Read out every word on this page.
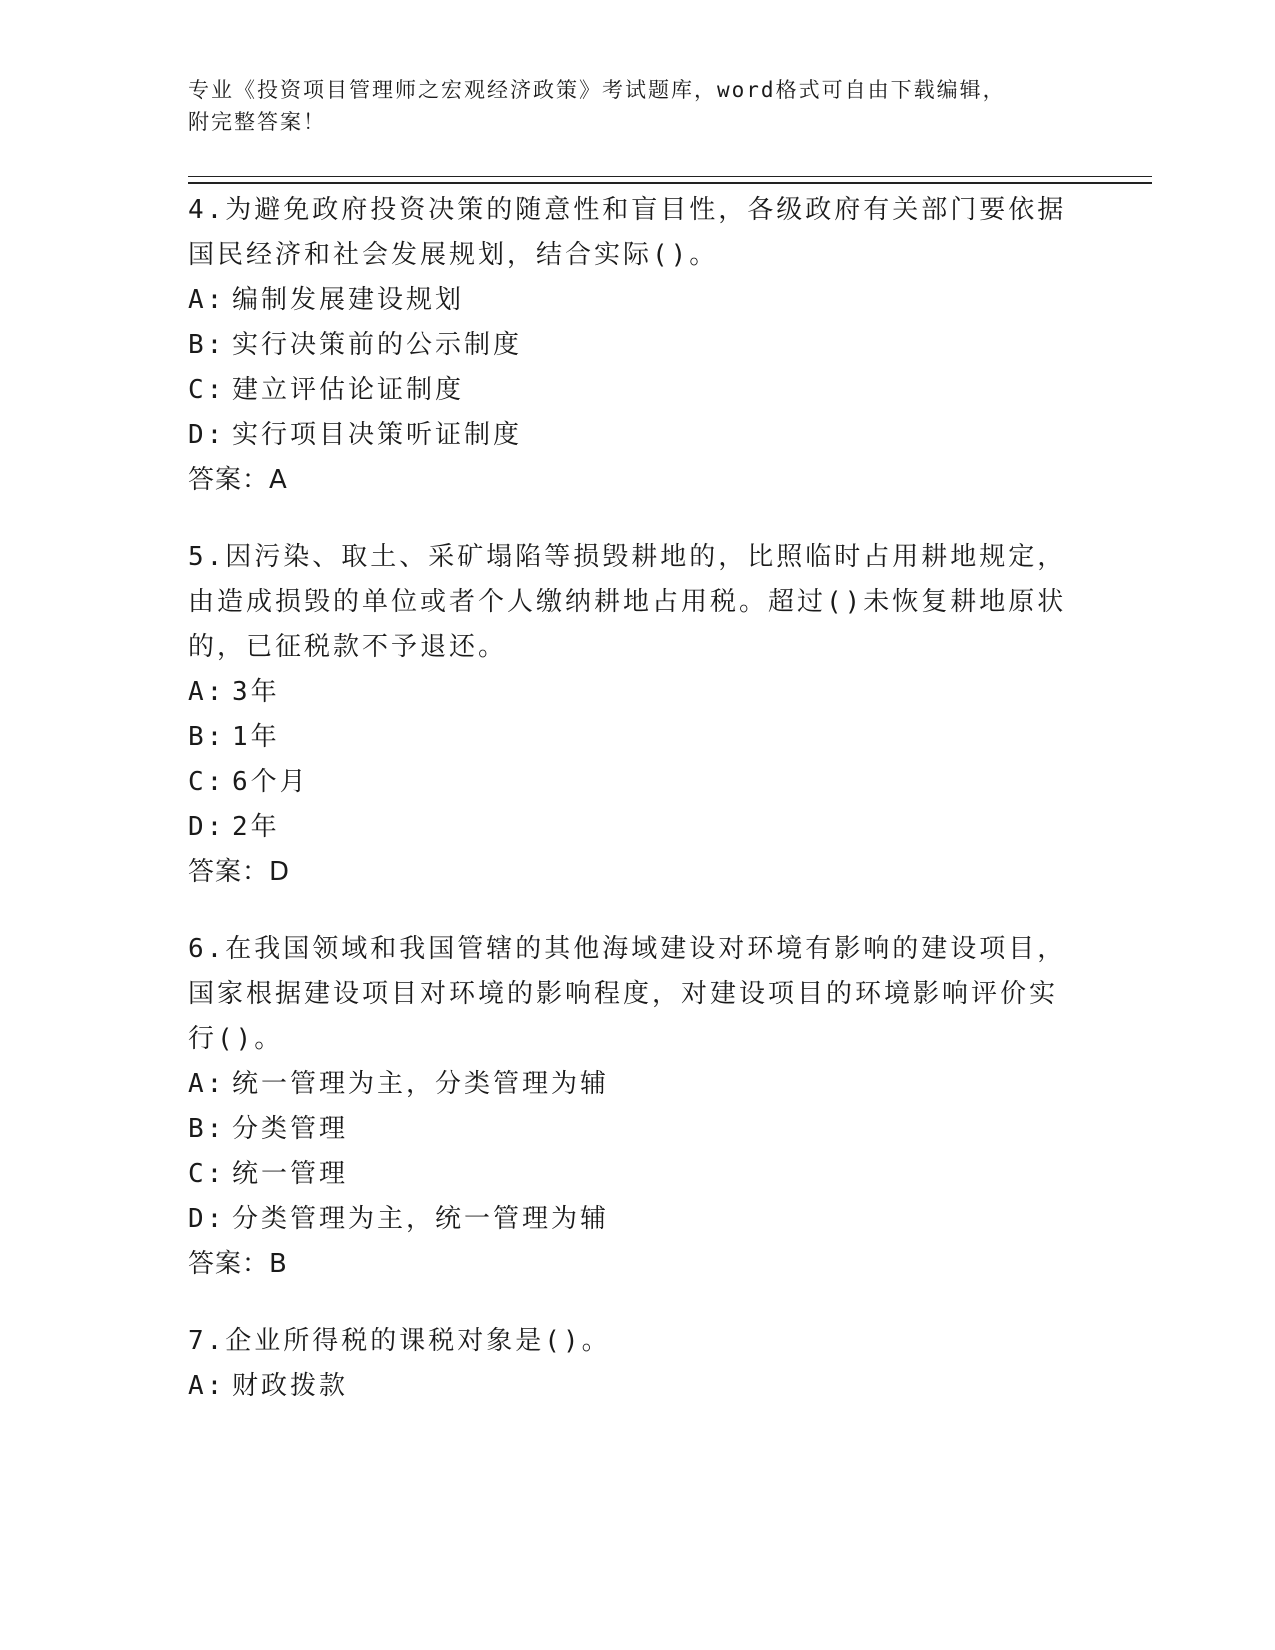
专业《投资项目管理师之宏观经济政策》考试题库，word格式可自由下载编辑，
附完整答案！
4.为避免政府投资决策的随意性和盲目性，各级政府有关部门要依据
国民经济和社会发展规划，结合实际()。
A: 编制发展建设规划
B: 实行决策前的公示制度
C: 建立评估论证制度
D: 实行项目决策听证制度
答案：A
5.因污染、取土、采矿塌陷等损毁耕地的，比照临时占用耕地规定，
由造成损毁的单位或者个人缴纳耕地占用税。超过()未恢复耕地原状
的，已征税款不予退还。
A: 3年
B: 1年
C: 6个月
D: 2年
答案：D
6.在我国领域和我国管辖的其他海域建设对环境有影响的建设项目，
国家根据建设项目对环境的影响程度，对建设项目的环境影响评价实
行()。
A: 统一管理为主，分类管理为辅
B: 分类管理
C: 统一管理
D: 分类管理为主，统一管理为辅
答案：B
7.企业所得税的课税对象是()。
A: 财政拨款
